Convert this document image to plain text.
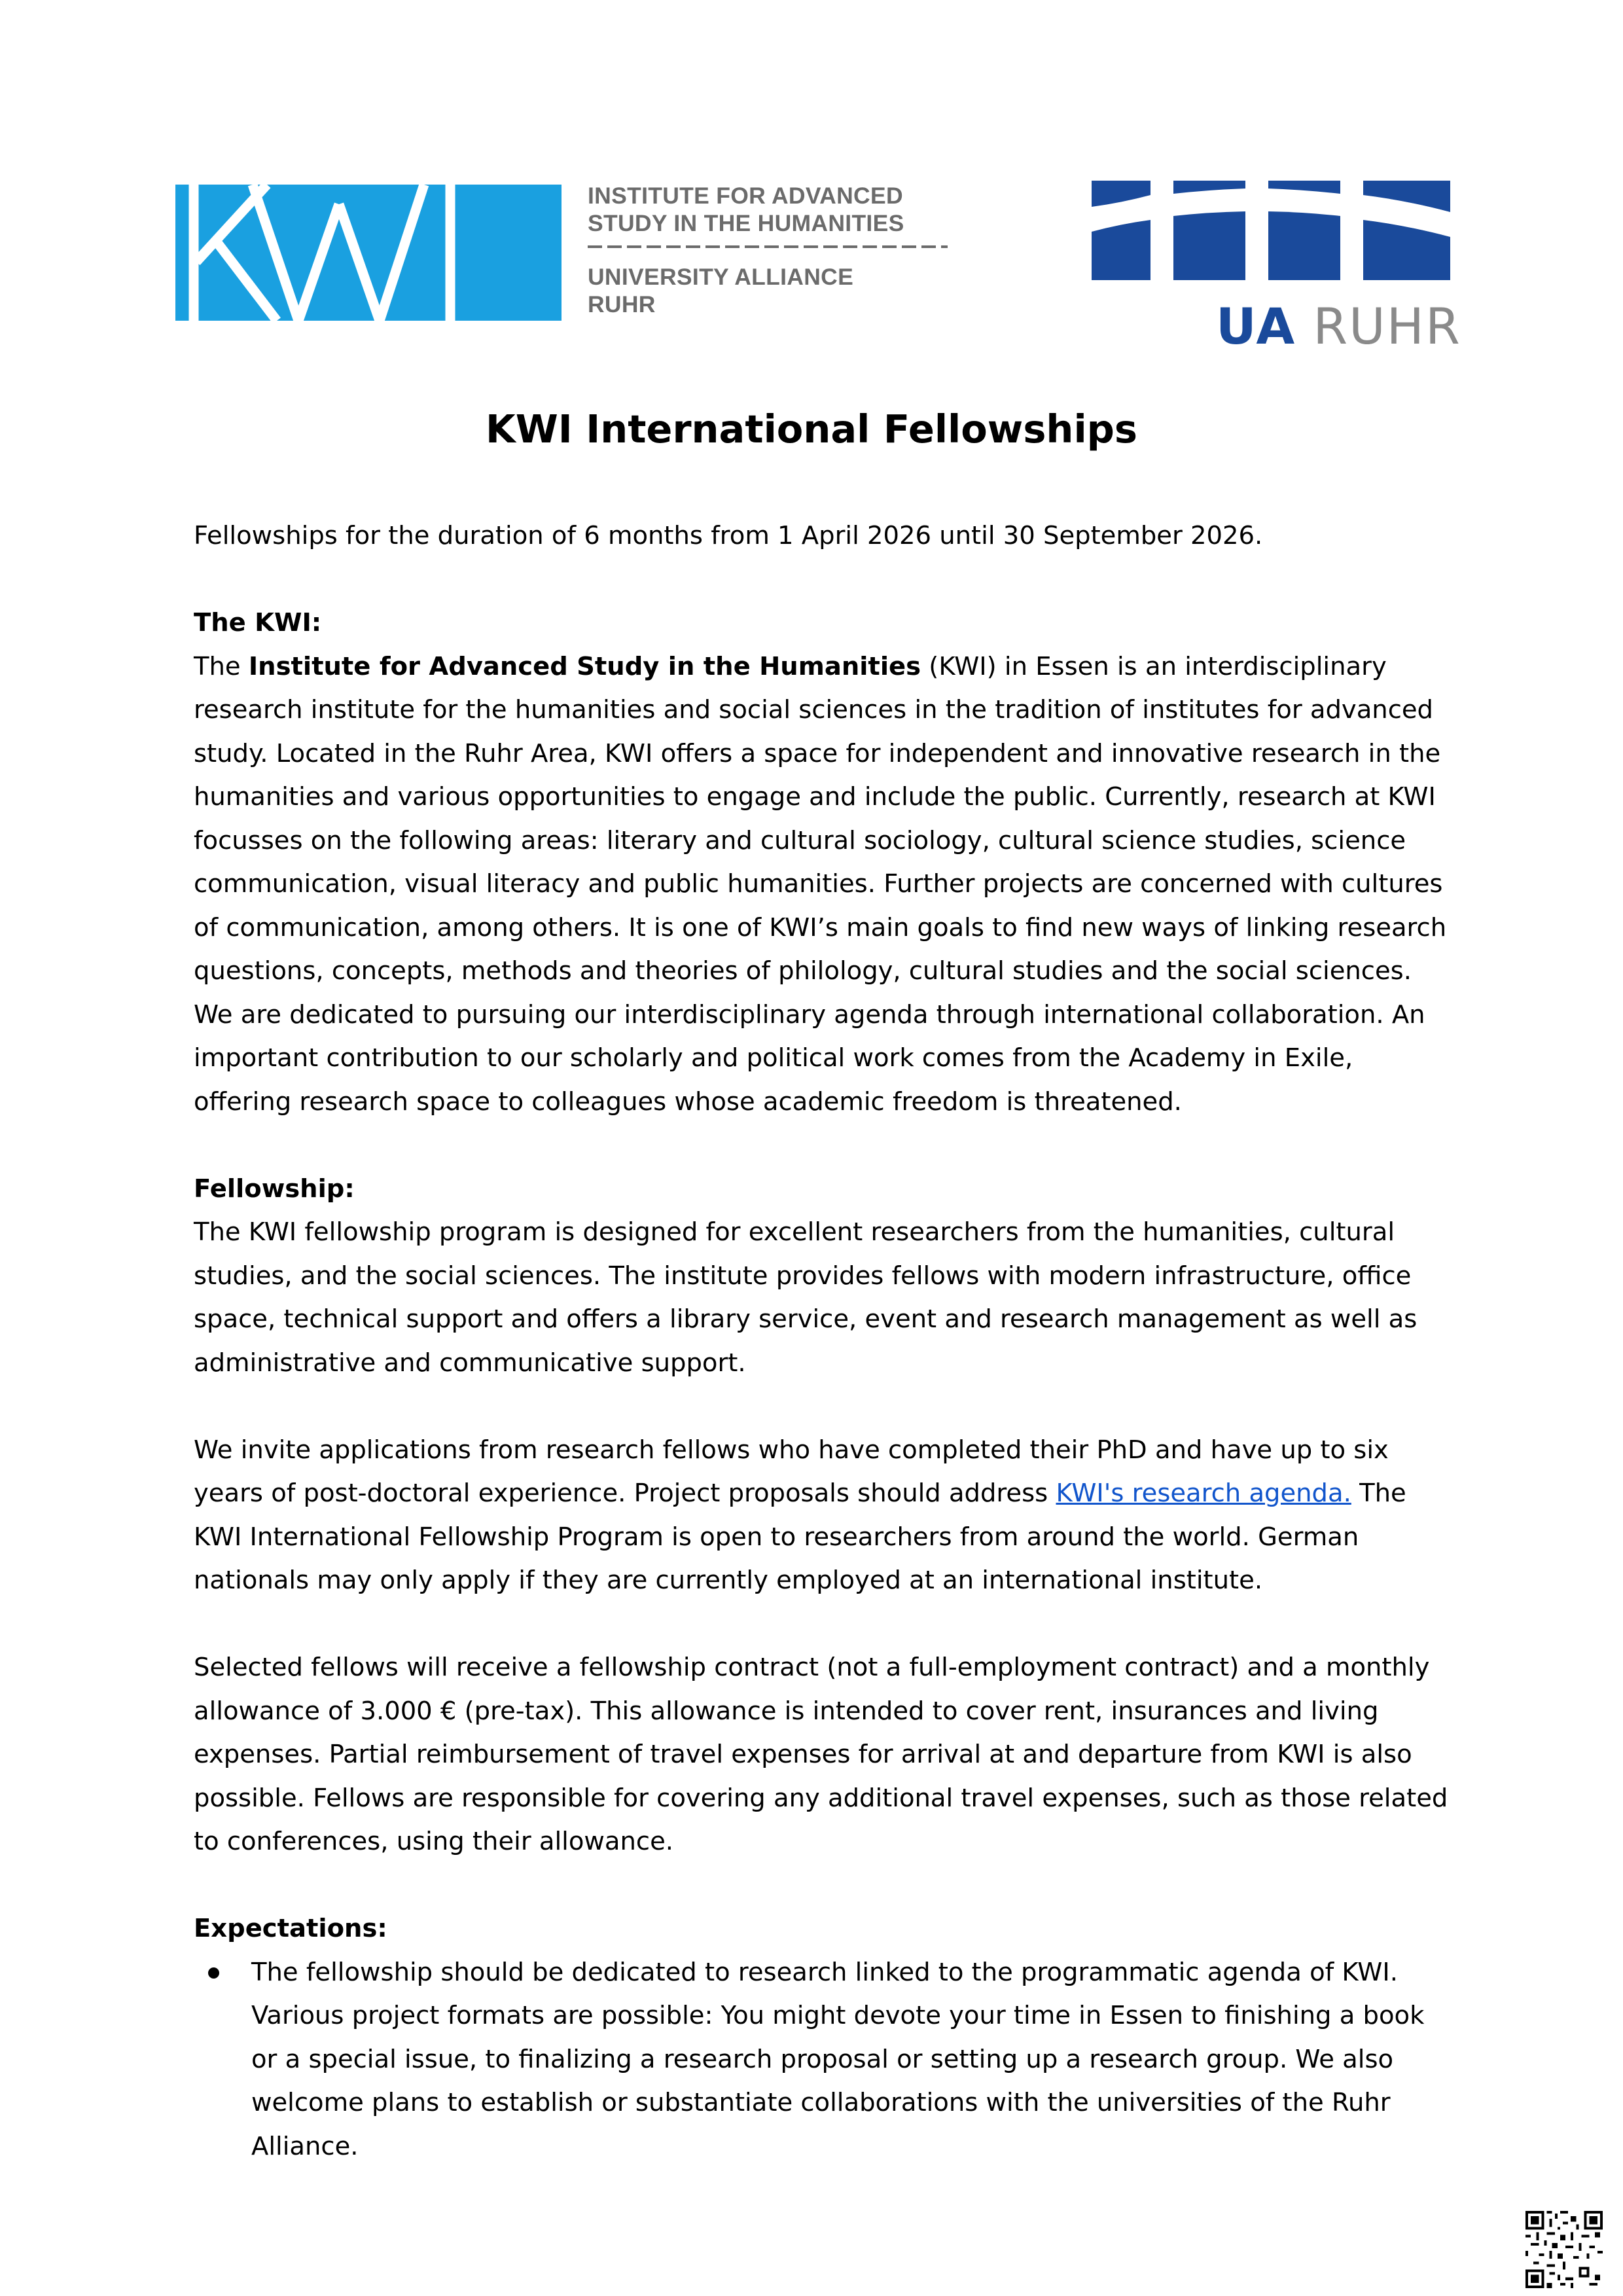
INSTITUTE FOR ADVANCED
STUDY IN THE HUMANITIES
UNIVERSITY ALLIANCE
RUHR	UA RUHR
KWI International Fellowships

Fellowships for the duration of 6 months from 1 April 2026 until 30 September 2026.

The KWI:

The Institute for Advanced Study in the Humanities (KWI) in Essen is an interdisciplinary research institute for the humanities and social sciences in the tradition of institutes for advanced study. Located in the Ruhr Area, KWI offers a space for independent and innovative research in the humanities and various opportunities to engage and include the public. Currently, research at KWI focusses on the following areas: literary and cultural sociology, cultural science studies, science communication, visual literacy and public humanities. Further projects are concerned with cultures of communication, among others. It is one of KWI’s main goals to find new ways of linking research questions, concepts, methods and theories of philology, cultural studies and the social sciences. We are dedicated to pursuing our interdisciplinary agenda through international collaboration. An important contribution to our scholarly and political work comes from the Academy in Exile, offering research space to colleagues whose academic freedom is threatened.

Fellowship:

The KWI fellowship program is designed for excellent researchers from the humanities, cultural studies, and the social sciences. The institute provides fellows with modern infrastructure, office space, technical support and offers a library service, event and research management as well as administrative and communicative support.

We invite applications from research fellows who have completed their PhD and have up to six years of post-doctoral experience. Project proposals should address KWI's research agenda. The KWI International Fellowship Program is open to researchers from around the world. German nationals may only apply if they are currently employed at an international institute.

Selected fellows will receive a fellowship contract (not a full-employment contract) and a monthly allowance of 3.000 € (pre-tax). This allowance is intended to cover rent, insurances and living expenses. Partial reimbursement of travel expenses for arrival at and departure from KWI is also possible. Fellows are responsible for covering any additional travel expenses, such as those related to conferences, using their allowance.

Expectations:

The fellowship should be dedicated to research linked to the programmatic agenda of KWI. Various project formats are possible: You might devote your time in Essen to finishing a book or a special issue, to finalizing a research proposal or setting up a research group. We also welcome plans to establish or substantiate collaborations with the universities of the Ruhr Alliance.
